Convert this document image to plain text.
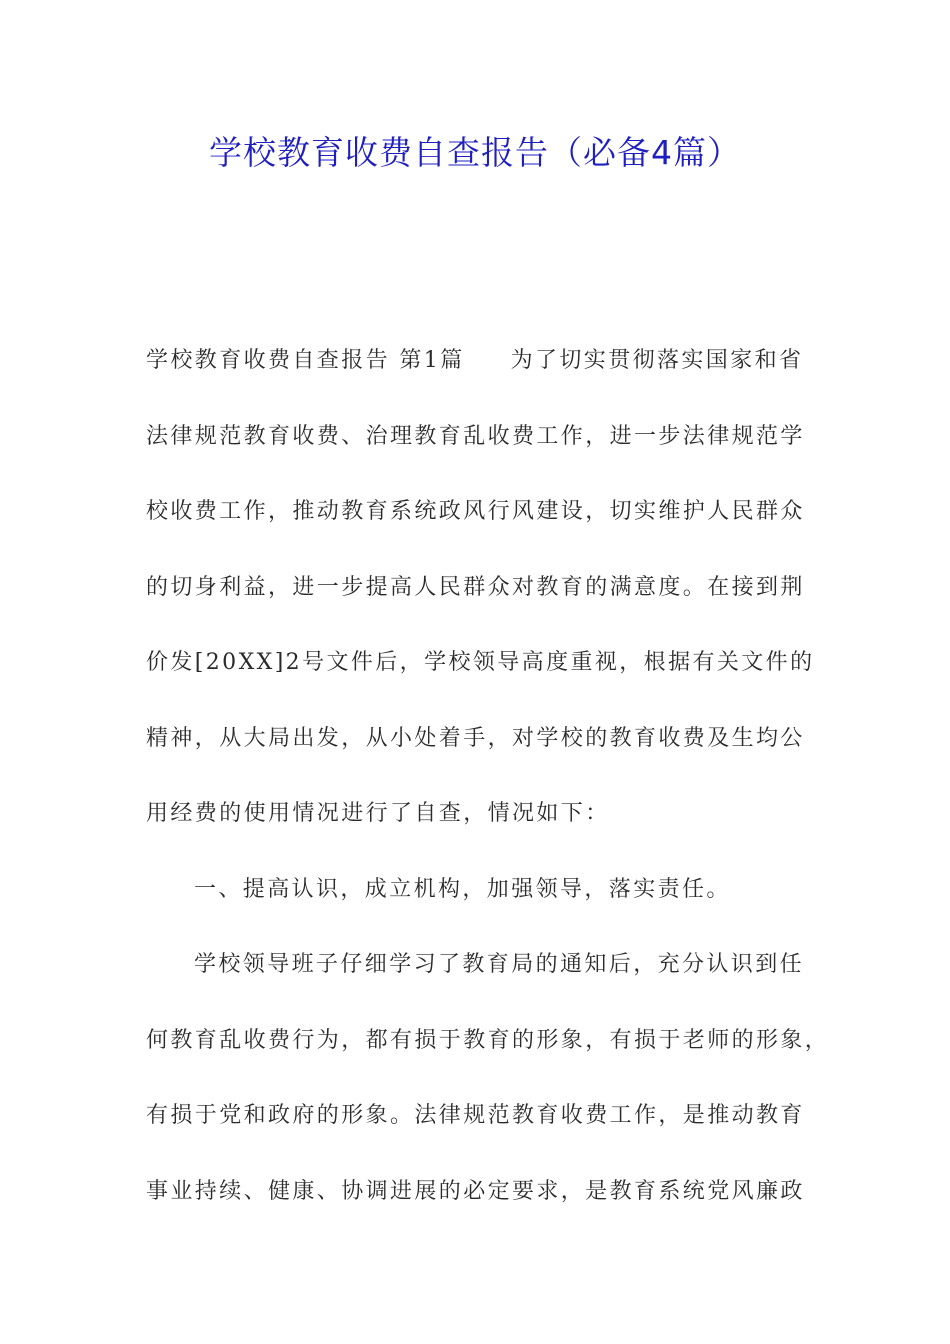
学校教育收费自查报告（必备4篇）
学校教育收费自查报告 第1篇 为了切实贯彻落实国家和省
法律规范教育收费、治理教育乱收费工作，进一步法律规范学
校收费工作，推动教育系统政风行风建设，切实维护人民群众
的切身利益，进一步提高人民群众对教育的满意度。在接到荆
价发[20XX]2号文件后，学校领导高度重视，根据有关文件的
精神，从大局出发，从小处着手，对学校的教育收费及生均公
用经费的使用情况进行了自查，情况如下：
一、提高认识，成立机构，加强领导，落实责任。
学校领导班子仔细学习了教育局的通知后，充分认识到任
何教育乱收费行为，都有损于教育的形象，有损于老师的形象，
有损于党和政府的形象。法律规范教育收费工作，是推动教育
事业持续、健康、协调进展的必定要求，是教育系统党风廉政
